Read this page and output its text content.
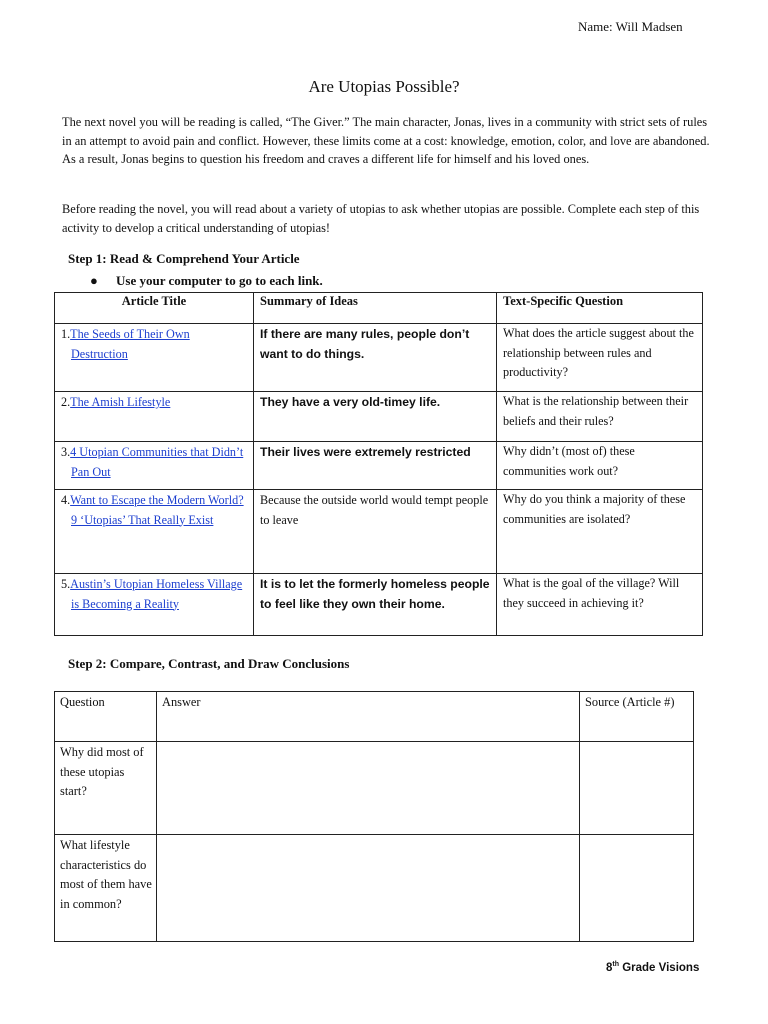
Name: Will Madsen
Are Utopias Possible?
The next novel you will be reading is called, “The Giver.” The main character, Jonas, lives in a community with strict sets of rules in an attempt to avoid pain and conflict. However, these limits come at a cost: knowledge, emotion, color, and love are abandoned. As a result, Jonas begins to question his freedom and craves a different life for himself and his loved ones.
Before reading the novel, you will read about a variety of utopias to ask whether utopias are possible. Complete each step of this activity to develop a critical understanding of utopias!
Step 1: Read & Comprehend Your Article
● Use your computer to go to each link.
Article Title	Summary of Ideas	Text-Specific Question

1.The Seeds of Their Own Destruction	If there are many rules, people don’t want to do things.	What does the article suggest about the relationship between rules and productivity?

2.The Amish Lifestyle	They have a very old-timey life.	What is the relationship between their beliefs and their rules?

3.4 Utopian Communities that Didn’t Pan Out	Their lives were extremely restricted	Why didn’t (most of) these communities work out?

4.Want to Escape the Modern World? 9 ‘Utopias’ That Really Exist	Because the outside world would tempt people to leave	Why do you think a majority of these communities are isolated?

5.Austin’s Utopian Homeless Village is Becoming a Reality	It is to let the formerly homeless people to feel like they own their home.	What is the goal of the village? Will they succeed in achieving it?
Step 2: Compare, Contrast, and Draw Conclusions
Question	Answer	Source (Article #)
Why did most of these utopias start?		
What lifestyle characteristics do most of them have in common?		
8th Grade Visions
